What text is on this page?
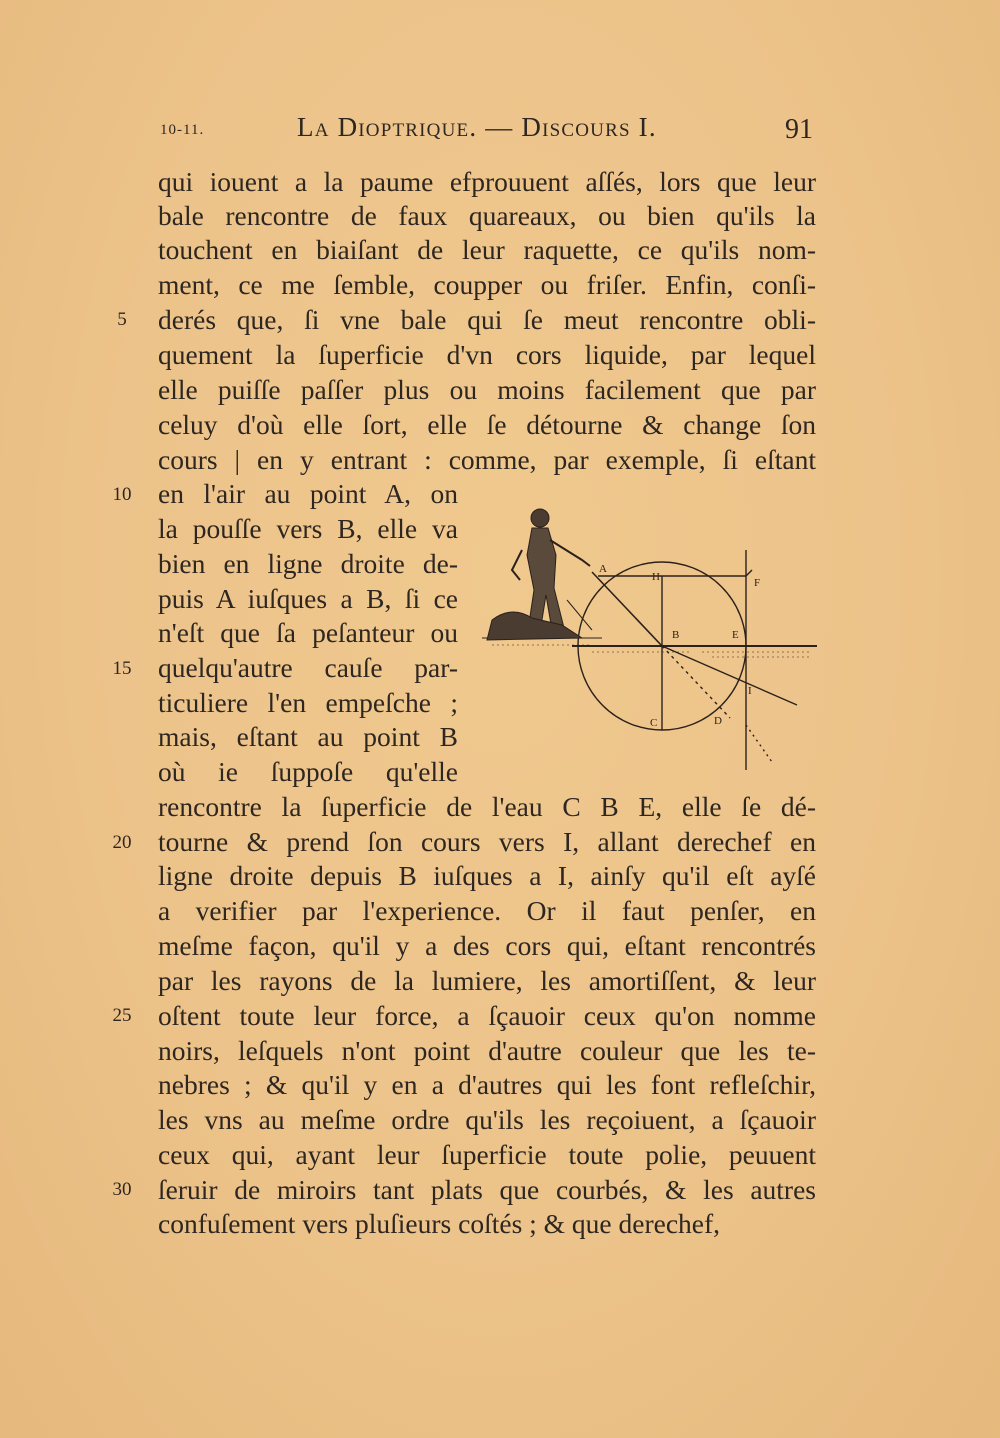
10-11.	La Dioptrique. — Discours I.	91
qui iouent a la paume efprouuent aſſés, lors que leur
bale rencontre de faux quareaux, ou bien qu'ils la
touchent en biaiſant de leur raquette, ce qu'ils nom-
ment, ce me ſemble, coupper ou friſer. Enfin, conſi-
derés que, ſi vne bale qui ſe meut rencontre obli-
quement la ſuperficie d'vn cors liquide, par lequel
elle puiſſe paſſer plus ou moins facilement que par
celuy d'où elle ſort, elle ſe détourne & change ſon
cours | en y entrant : comme, par exemple, ſi eſtant
en l'air au point A, on
la pouſſe vers B, elle va
bien en ligne droite de-
puis A iuſques a B, ſi ce
n'eſt que ſa peſanteur ou
quelqu'autre cauſe par-
ticuliere l'en empeſche ;
mais, eſtant au point B
où ie ſuppoſe qu'elle
rencontre la ſuperficie de l'eau C B E, elle ſe dé-
tourne & prend ſon cours vers I, allant derechef en
ligne droite depuis B iuſques a I, ainſy qu'il eſt ayſé
a verifier par l'experience. Or il faut penſer, en
meſme façon, qu'il y a des cors qui, eſtant rencontrés
par les rayons de la lumiere, les amortiſſent, & leur
oſtent toute leur force, a ſçauoir ceux qu'on nomme
noirs, leſquels n'ont point d'autre couleur que les te-
nebres ; & qu'il y en a d'autres qui les font refleſchir,
les vns au meſme ordre qu'ils les reçoiuent, a ſçauoir
ceux qui, ayant leur ſuperficie toute polie, peuuent
ſeruir de miroirs tant plats que courbés, & les autres
confuſement vers pluſieurs coſtés ; & que derechef,
5
10
15
20
25
30
A
H	F
B	E
I
C	D
